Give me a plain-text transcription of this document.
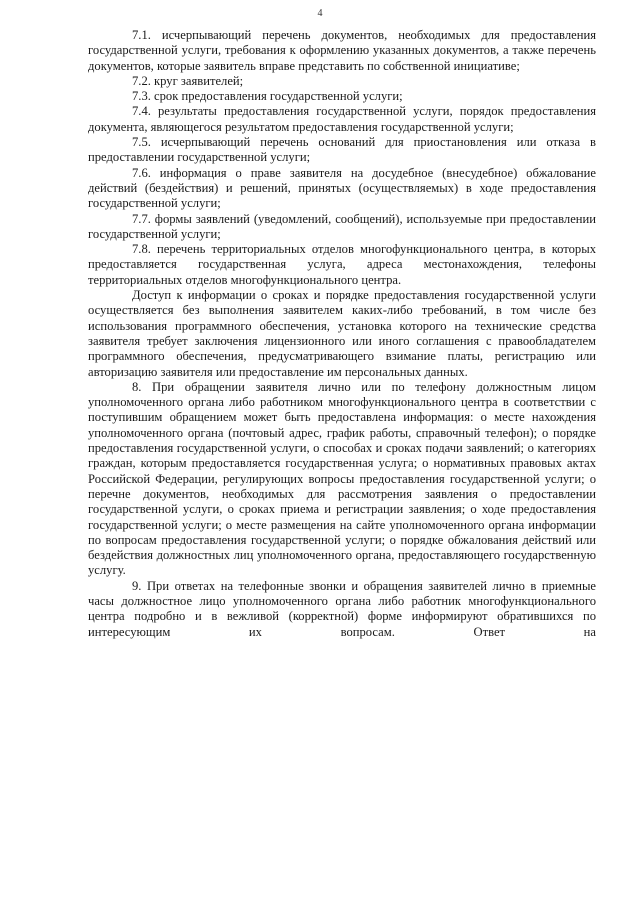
4

7.1. исчерпывающий перечень документов, необходимых для предоставления государственной услуги, требования к оформлению указанных документов, а также перечень документов, которые заявитель вправе представить по собственной инициативе;

7.2. круг заявителей;

7.3. срок предоставления государственной услуги;

7.4. результаты предоставления государственной услуги, порядок предоставления документа, являющегося результатом предоставления государственной услуги;

7.5. исчерпывающий перечень оснований для приостановления или отказа в предоставлении государственной услуги;

7.6. информация о праве заявителя на досудебное (внесудебное) обжалование действий (бездействия) и решений, принятых (осуществляемых) в ходе предоставления государственной услуги;

7.7. формы заявлений (уведомлений, сообщений), используемые при предоставлении государственной услуги;

7.8. перечень территориальных отделов многофункционального центра, в которых предоставляется государственная услуга, адреса местонахождения, телефоны территориальных отделов многофункционального центра.

Доступ к информации о сроках и порядке предоставления государственной услуги осуществляется без выполнения заявителем каких-либо требований, в том числе без использования программного обеспечения, установка которого на технические средства заявителя требует заключения лицензионного или иного соглашения с правообладателем программного обеспечения, предусматривающего взимание платы, регистрацию или авторизацию заявителя или предоставление им персональных данных.

8. При обращении заявителя лично или по телефону должностным лицом уполномоченного органа либо работником многофункционального центра в соответствии с поступившим обращением может быть предоставлена информация: о месте нахождения уполномоченного органа (почтовый адрес, график работы, справочный телефон); о порядке предоставления государственной услуги, о способах и сроках подачи заявлений; о категориях граждан, которым предоставляется государственная услуга; о нормативных правовых актах Российской Федерации, регулирующих вопросы предоставления государственной услуги; о перечне документов, необходимых для рассмотрения заявления о предоставлении государственной услуги, о сроках приема и регистрации заявления; о ходе предоставления государственной услуги; о месте размещения на сайте уполномоченного органа информации по вопросам предоставления государственной услуги; о порядке обжалования действий или бездействия должностных лиц уполномоченного органа, предоставляющего государственную услугу.

9. При ответах на телефонные звонки и обращения заявителей лично в приемные часы должностное лицо уполномоченного органа либо работник многофункционального центра подробно и в вежливой (корректной) форме информируют обратившихся по интересующим их вопросам. Ответ на
